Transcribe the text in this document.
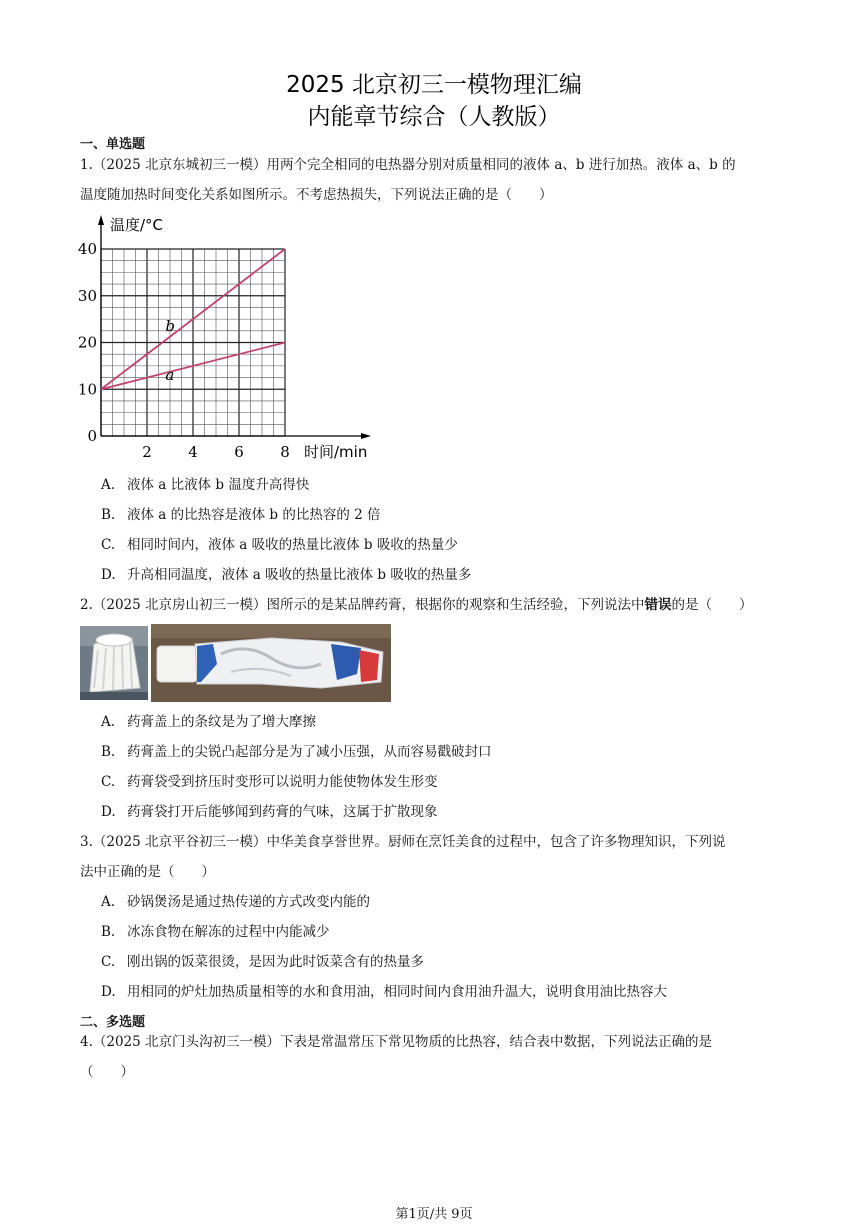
2025 北京初三一模物理汇编
内能章节综合（人教版）
一、单选题
1.（2025 北京东城初三一模）用两个完全相同的电热器分别对质量相同的液体 a、b 进行加热。液体 a、b 的
温度随加热时间变化关系如图所示。不考虑热损失，下列说法正确的是（　　）
0
10
20
30
40
2 4 6 8
b
a
温度/°C
时间/min
A. 液体 a 比液体 b 温度升高得快
B. 液体 a 的比热容是液体 b 的比热容的 2 倍
C. 相同时间内，液体 a 吸收的热量比液体 b 吸收的热量少
D. 升高相同温度，液体 a 吸收的热量比液体 b 吸收的热量多
2.（2025 北京房山初三一模）图所示的是某品牌药膏，根据你的观察和生活经验，下列说法中错误的是（　　）
A. 药膏盖上的条纹是为了增大摩擦
B. 药膏盖上的尖锐凸起部分是为了减小压强，从而容易戳破封口
C. 药膏袋受到挤压时变形可以说明力能使物体发生形变
D. 药膏袋打开后能够闻到药膏的气味，这属于扩散现象
3.（2025 北京平谷初三一模）中华美食享誉世界。厨师在烹饪美食的过程中，包含了许多物理知识，下列说
法中正确的是（　　）
A. 砂锅煲汤是通过热传递的方式改变内能的
B. 冰冻食物在解冻的过程中内能减少
C. 刚出锅的饭菜很烫，是因为此时饭菜含有的热量多
D. 用相同的炉灶加热质量相等的水和食用油，相同时间内食用油升温大，说明食用油比热容大
二、多选题
4.（2025 北京门头沟初三一模）下表是常温常压下常见物质的比热容，结合表中数据，下列说法正确的是
（　　）
第1页/共 9页
